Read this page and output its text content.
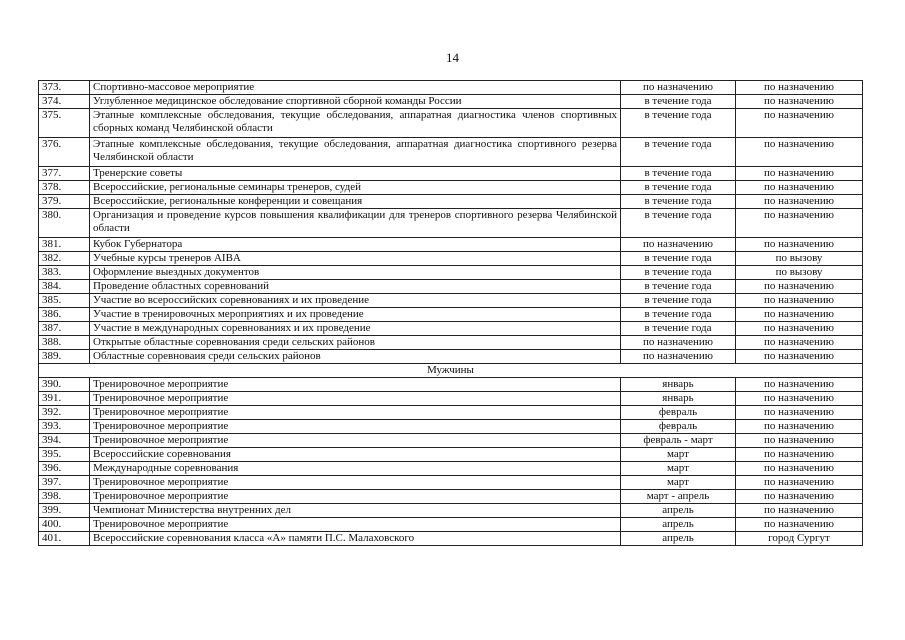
14
373.	Спортивно-массовое мероприятие	по назначению	по назначению
374.	Углубленное медицинское обследование спортивной сборной команды России	в течение года	по назначению
375.	Этапные комплексные обследования, текущие обследования, аппаратная диагностика членов спортивных сборных команд Челябинской области	в течение года	по назначению
376.	Этапные комплексные обследования, текущие обследования, аппаратная диагностика спортивного резерва Челябинской области	в течение года	по назначению
377.	Тренерские советы	в течение года	по назначению
378.	Всероссийские, региональные семинары тренеров, судей	в течение года	по назначению
379.	Всероссийские, региональные конференции и совещания	в течение года	по назначению
380.	Организация и проведение курсов повышения квалификации для тренеров спортивного резерва Челябинской области	в течение года	по назначению
381.	Кубок Губернатора	по назначению	по назначению
382.	Учебные курсы тренеров AIBA	в течение года	по вызову
383.	Оформление выездных документов	в течение года	по вызову
384.	Проведение областных соревнований	в течение года	по назначению
385.	Участие во всероссийских соревнованиях и их проведение	в течение года	по назначению
386.	Участие в тренировочных мероприятиях и их проведение	в течение года	по назначению
387.	Участие в международных соревнованиях и их проведение	в течение года	по назначению
388.	Открытые областные соревнования среди сельских районов	по назначению	по назначению
389.	Областные соревноваия среди сельских районов	по назначению	по назначению
Мужчины			
390.	Тренировочное мероприятие	январь	по назначению
391.	Тренировочное мероприятие	январь	по назначению
392.	Тренировочное мероприятие	февраль	по назначению
393.	Тренировочное мероприятие	февраль	по назначению
394.	Тренировочное мероприятие	февраль - март	по назначению
395.	Всероссийские соревнования	март	по назначению
396.	Международные соревнования	март	по назначению
397.	Тренировочное мероприятие	март	по назначению
398.	Тренировочное мероприятие	март - апрель	по назначению
399.	Чемпионат Министерства внутренних дел	апрель	по назначению
400.	Тренировочное мероприятие	апрель	по назначению
401.	Всероссийские соревнования класса «А» памяти П.С. Малаховского	апрель	город Сургут
